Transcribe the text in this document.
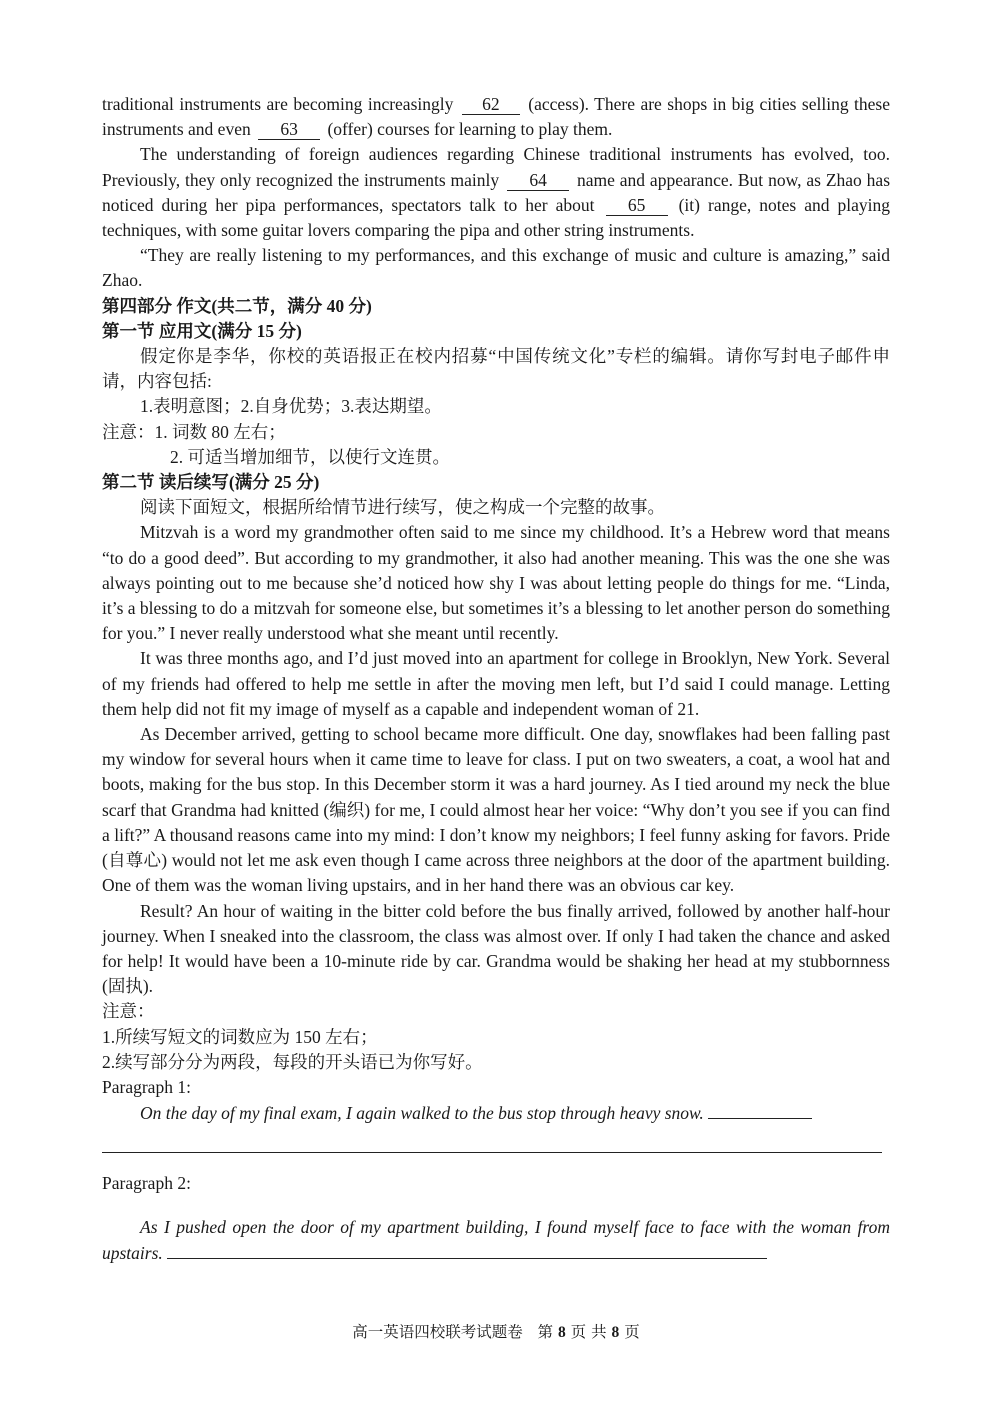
traditional instruments are becoming increasingly 62 (access). There are shops in big cities selling these instruments and even 63 (offer) courses for learning to play them.

The understanding of foreign audiences regarding Chinese traditional instruments has evolved, too. Previously, they only recognized the instruments mainly 64 name and appearance. But now, as Zhao has noticed during her pipa performances, spectators talk to her about 65 (it) range, notes and playing techniques, with some guitar lovers comparing the pipa and other string instruments.

“They are really listening to my performances, and this exchange of music and culture is amazing,” said Zhao.

第四部分 作文(共二节，满分 40 分)

第一节 应用文(满分 15 分)

假定你是李华，你校的英语报正在校内招募“中国传统文化”专栏的编辑。请你写封电子邮件申请，内容包括:

1.表明意图；2.自身优势；3.表达期望。

注意：1. 词数 80 左右；

2. 可适当增加细节，以使行文连贯。

第二节 读后续写(满分 25 分)

阅读下面短文，根据所给情节进行续写，使之构成一个完整的故事。

Mitzvah is a word my grandmother often said to me since my childhood. It’s a Hebrew word that means “to do a good deed”. But according to my grandmother, it also had another meaning. This was the one she was always pointing out to me because she’d noticed how shy I was about letting people do things for me. “Linda, it’s a blessing to do a mitzvah for someone else, but sometimes it’s a blessing to let another person do something for you.” I never really understood what she meant until recently.

It was three months ago, and I’d just moved into an apartment for college in Brooklyn, New York. Several of my friends had offered to help me settle in after the moving men left, but I’d said I could manage. Letting them help did not fit my image of myself as a capable and independent woman of 21.

As December arrived, getting to school became more difficult. One day, snowflakes had been falling past my window for several hours when it came time to leave for class. I put on two sweaters, a coat, a wool hat and boots, making for the bus stop. In this December storm it was a hard journey. As I tied around my neck the blue scarf that Grandma had knitted (编织) for me, I could almost hear her voice: “Why don’t you see if you can find a lift?” A thousand reasons came into my mind: I don’t know my neighbors; I feel funny asking for favors. Pride (自尊心) would not let me ask even though I came across three neighbors at the door of the apartment building. One of them was the woman living upstairs, and in her hand there was an obvious car key.

Result? An hour of waiting in the bitter cold before the bus finally arrived, followed by another half-hour journey. When I sneaked into the classroom, the class was almost over. If only I had taken the chance and asked for help! It would have been a 10-minute ride by car. Grandma would be shaking her head at my stubbornness (固执).

注意：

1.所续写短文的词数应为 150 左右；

2.续写部分分为两段，每段的开头语已为你写好。

Paragraph 1:

On the day of my final exam, I again walked to the bus stop through heavy snow.

Paragraph 2:

As I pushed open the door of my apartment building, I found myself face to face with the woman from upstairs.

高一英语四校联考试题卷 第 8 页 共 8 页
